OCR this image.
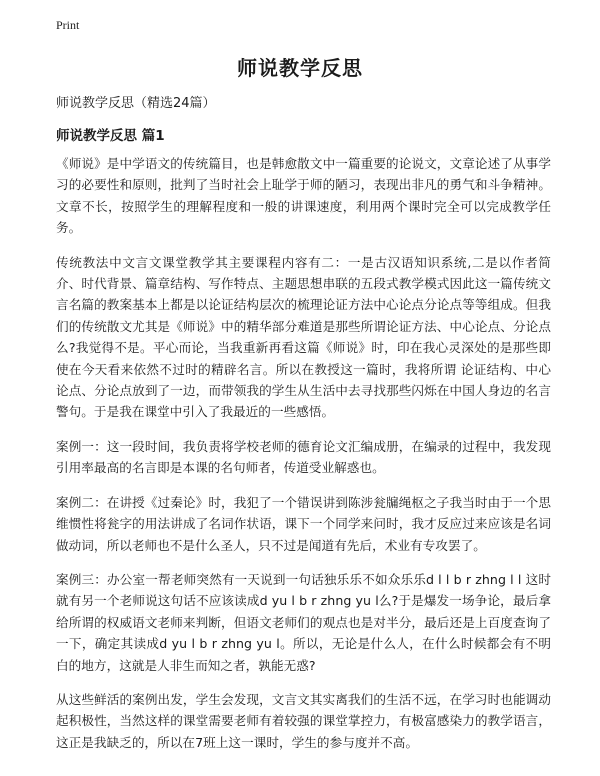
Print
师说教学反思
师说教学反思（精选24篇）
师说教学反思 篇1

《师说》是中学语文的传统篇目，也是韩愈散文中一篇重要的论说文，文章论述了从事学习的必要性和原则，批判了当时社会上耻学于师的陋习，表现出非凡的勇气和斗争精神。文章不长，按照学生的理解程度和一般的讲课速度，利用两个课时完全可以完成教学任务。

传统教法中文言文课堂教学其主要课程内容有二：一是古汉语知识系统,二是以作者简介、时代背景、篇章结构、写作特点、主题思想串联的五段式教学模式因此这一篇传统文言名篇的教案基本上都是以论证结构层次的梳理论证方法中心论点分论点等等组成。但我们的传统散文尤其是《师说》中的精华部分难道是那些所谓论证方法、中心论点、分论点么?我觉得不是。平心而论，当我重新再看这篇《师说》时，印在我心灵深处的是那些即使在今天看来依然不过时的精辟名言。所以在教授这一篇时，我将所谓 论证结构、中心论点、分论点放到了一边，而带领我的学生从生活中去寻找那些闪烁在中国人身边的名言警句。于是我在课堂中引入了我最近的一些感悟。

案例一：这一段时间，我负责将学校老师的德育论文汇编成册，在编录的过程中，我发现引用率最高的名言即是本课的名句师者，传道受业解惑也。

案例二：在讲授《过秦论》时，我犯了一个错误讲到陈涉瓮牖绳枢之子我当时由于一个思维惯性将瓮字的用法讲成了名词作状语，课下一个同学来问时，我才反应过来应该是名词做动词，所以老师也不是什么圣人，只不过是闻道有先后，术业有专攻罢了。

案例三：办公室一帮老师突然有一天说到一句话独乐乐不如众乐乐d l l b r zhng l l 这时就有另一个老师说这句话不应该读成d yu l b r zhng yu l么?于是爆发一场争论，最后拿给所谓的权威语文老师来判断，但语文老师们的观点也是对半分，最后还是上百度查询了一下，确定其读成d yu l b r zhng yu l。所以，无论是什么人，在什么时候都会有不明白的地方，这就是人非生而知之者，孰能无惑?

从这些鲜活的案例出发，学生会发现，文言文其实离我们的生活不远，在学习时也能调动起积极性，当然这样的课堂需要老师有着较强的课堂掌控力，有极富感染力的教学语言，这正是我缺乏的，所以在7班上这一课时，学生的参与度并不高。
